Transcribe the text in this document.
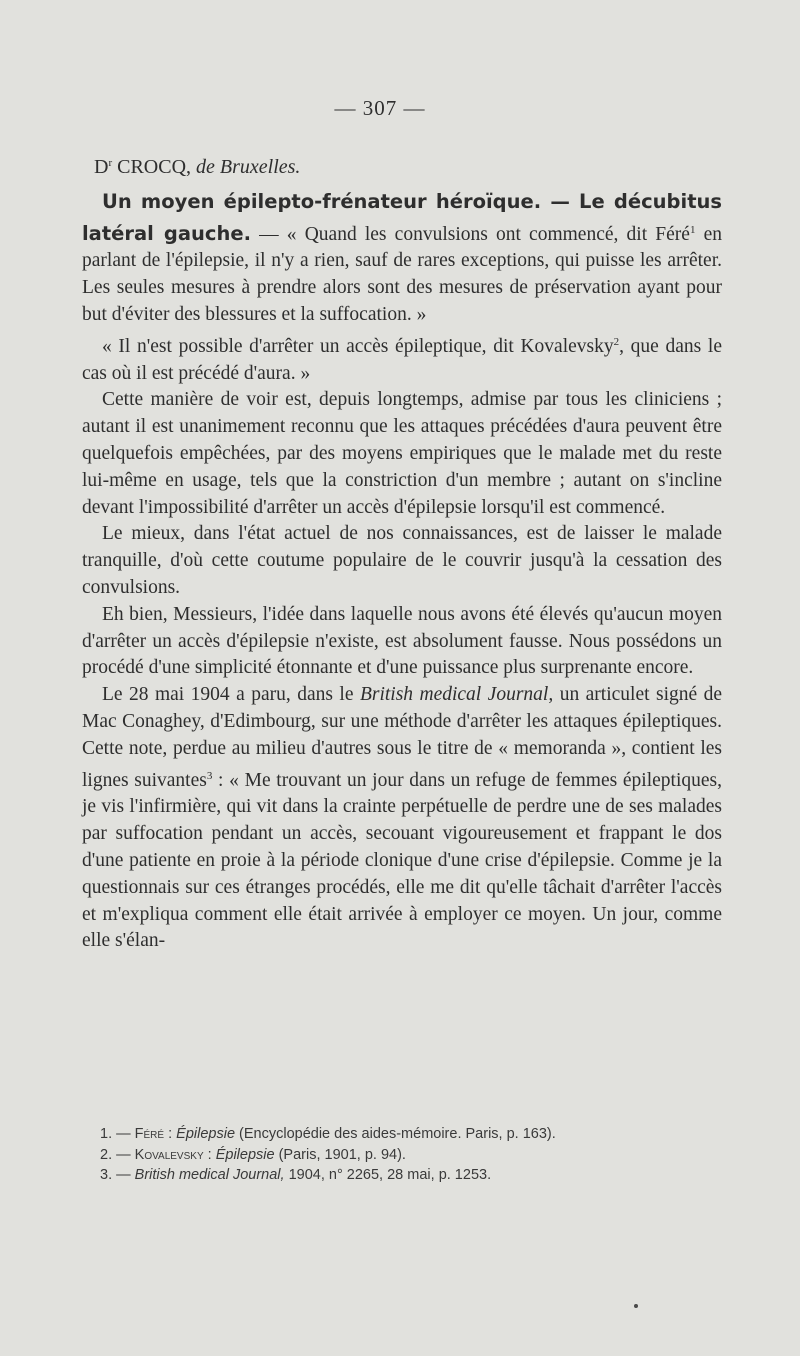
— 307 —
$D^r$ CROCQ, de Bruxelles.

Un moyen épilepto-frénateur héroïque. — Le décubitus latéral gauche. — « Quand les convulsions ont commencé, dit Féré$^1$ en parlant de l'épilepsie, il n'y a rien, sauf de rares exceptions, qui puisse les arrêter. Les seules mesures à prendre alors sont des mesures de préservation ayant pour but d'éviter des blessures et la suffocation. »

« Il n'est possible d'arrêter un accès épileptique, dit Kovalevsky$^2$, que dans le cas où il est précédé d'aura. »

Cette manière de voir est, depuis longtemps, admise par tous les cliniciens ; autant il est unanimement reconnu que les attaques précédées d'aura peuvent être quelquefois empêchées, par des moyens empiriques que le malade met du reste lui-même en usage, tels que la constriction d'un membre ; autant on s'incline devant l'impossibilité d'arrêter un accès d'épilepsie lorsqu'il est commencé.

Le mieux, dans l'état actuel de nos connaissances, est de laisser le malade tranquille, d'où cette coutume populaire de le couvrir jusqu'à la cessation des convulsions.

Eh bien, Messieurs, l'idée dans laquelle nous avons été élevés qu'aucun moyen d'arrêter un accès d'épilepsie n'existe, est absolument fausse. Nous possédons un procédé d'une simplicité étonnante et d'une puissance plus surprenante encore.

Le 28 mai 1904 a paru, dans le British medical Journal, un articulet signé de Mac Conaghey, d'Edimbourg, sur une méthode d'arrêter les attaques épileptiques. Cette note, perdue au milieu d'autres sous le titre de « memoranda », contient les lignes suivantes$^3$ : « Me trouvant un jour dans un refuge de femmes épileptiques, je vis l'infirmière, qui vit dans la crainte perpétuelle de perdre une de ses malades par suffocation pendant un accès, secouant vigoureusement et frappant le dos d'une patiente en proie à la période clonique d'une crise d'épilepsie. Comme je la questionnais sur ces étranges procédés, elle me dit qu'elle tâchait d'arrêter l'accès et m'expliqua comment elle était arrivée à employer ce moyen. Un jour, comme elle s'élan-

1. — Féré : Épilepsie (Encyclopédie des aides-mémoire. Paris, p. 163).
2. — Kovalevsky : Épilepsie (Paris, 1901, p. 94).
3. — British medical Journal, 1904, n° 2265, 28 mai, p. 1253.
